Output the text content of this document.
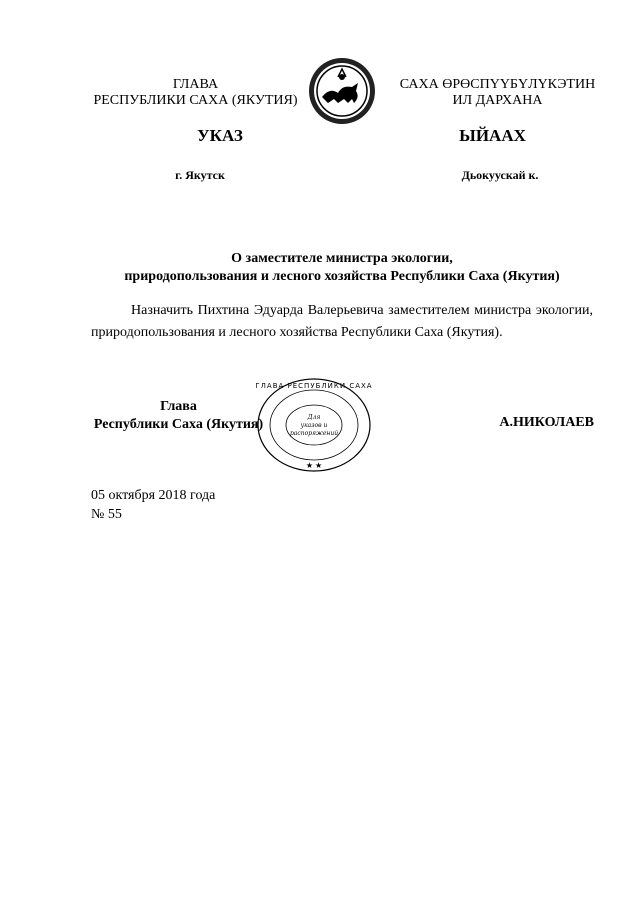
ГЛАВА
РЕСПУБЛИКИ САХА (ЯКУТИЯ)
САХА ӨРӨСПҮҮБҮЛҮКЭТИН
ИЛ ДАРХАНА
УКАЗ	ЫЙААХ
г. Якутск	Дьокуускай к.
О заместителе министра экологии,
природопользования и лесного хозяйства Республики Саха (Якутия)
Назначить Пихтина Эдуарда Валерьевича заместителем министра экологии, природопользования и лесного хозяйства Республики Саха (Якутия).
ГЛАВА РЕСПУБЛИКИ САХА
Для
указов и
распоряжений
★ ★
Глава
Республики Саха (Якутия)	А.НИКОЛАЕВ
05 октября 2018 года
№ 55
